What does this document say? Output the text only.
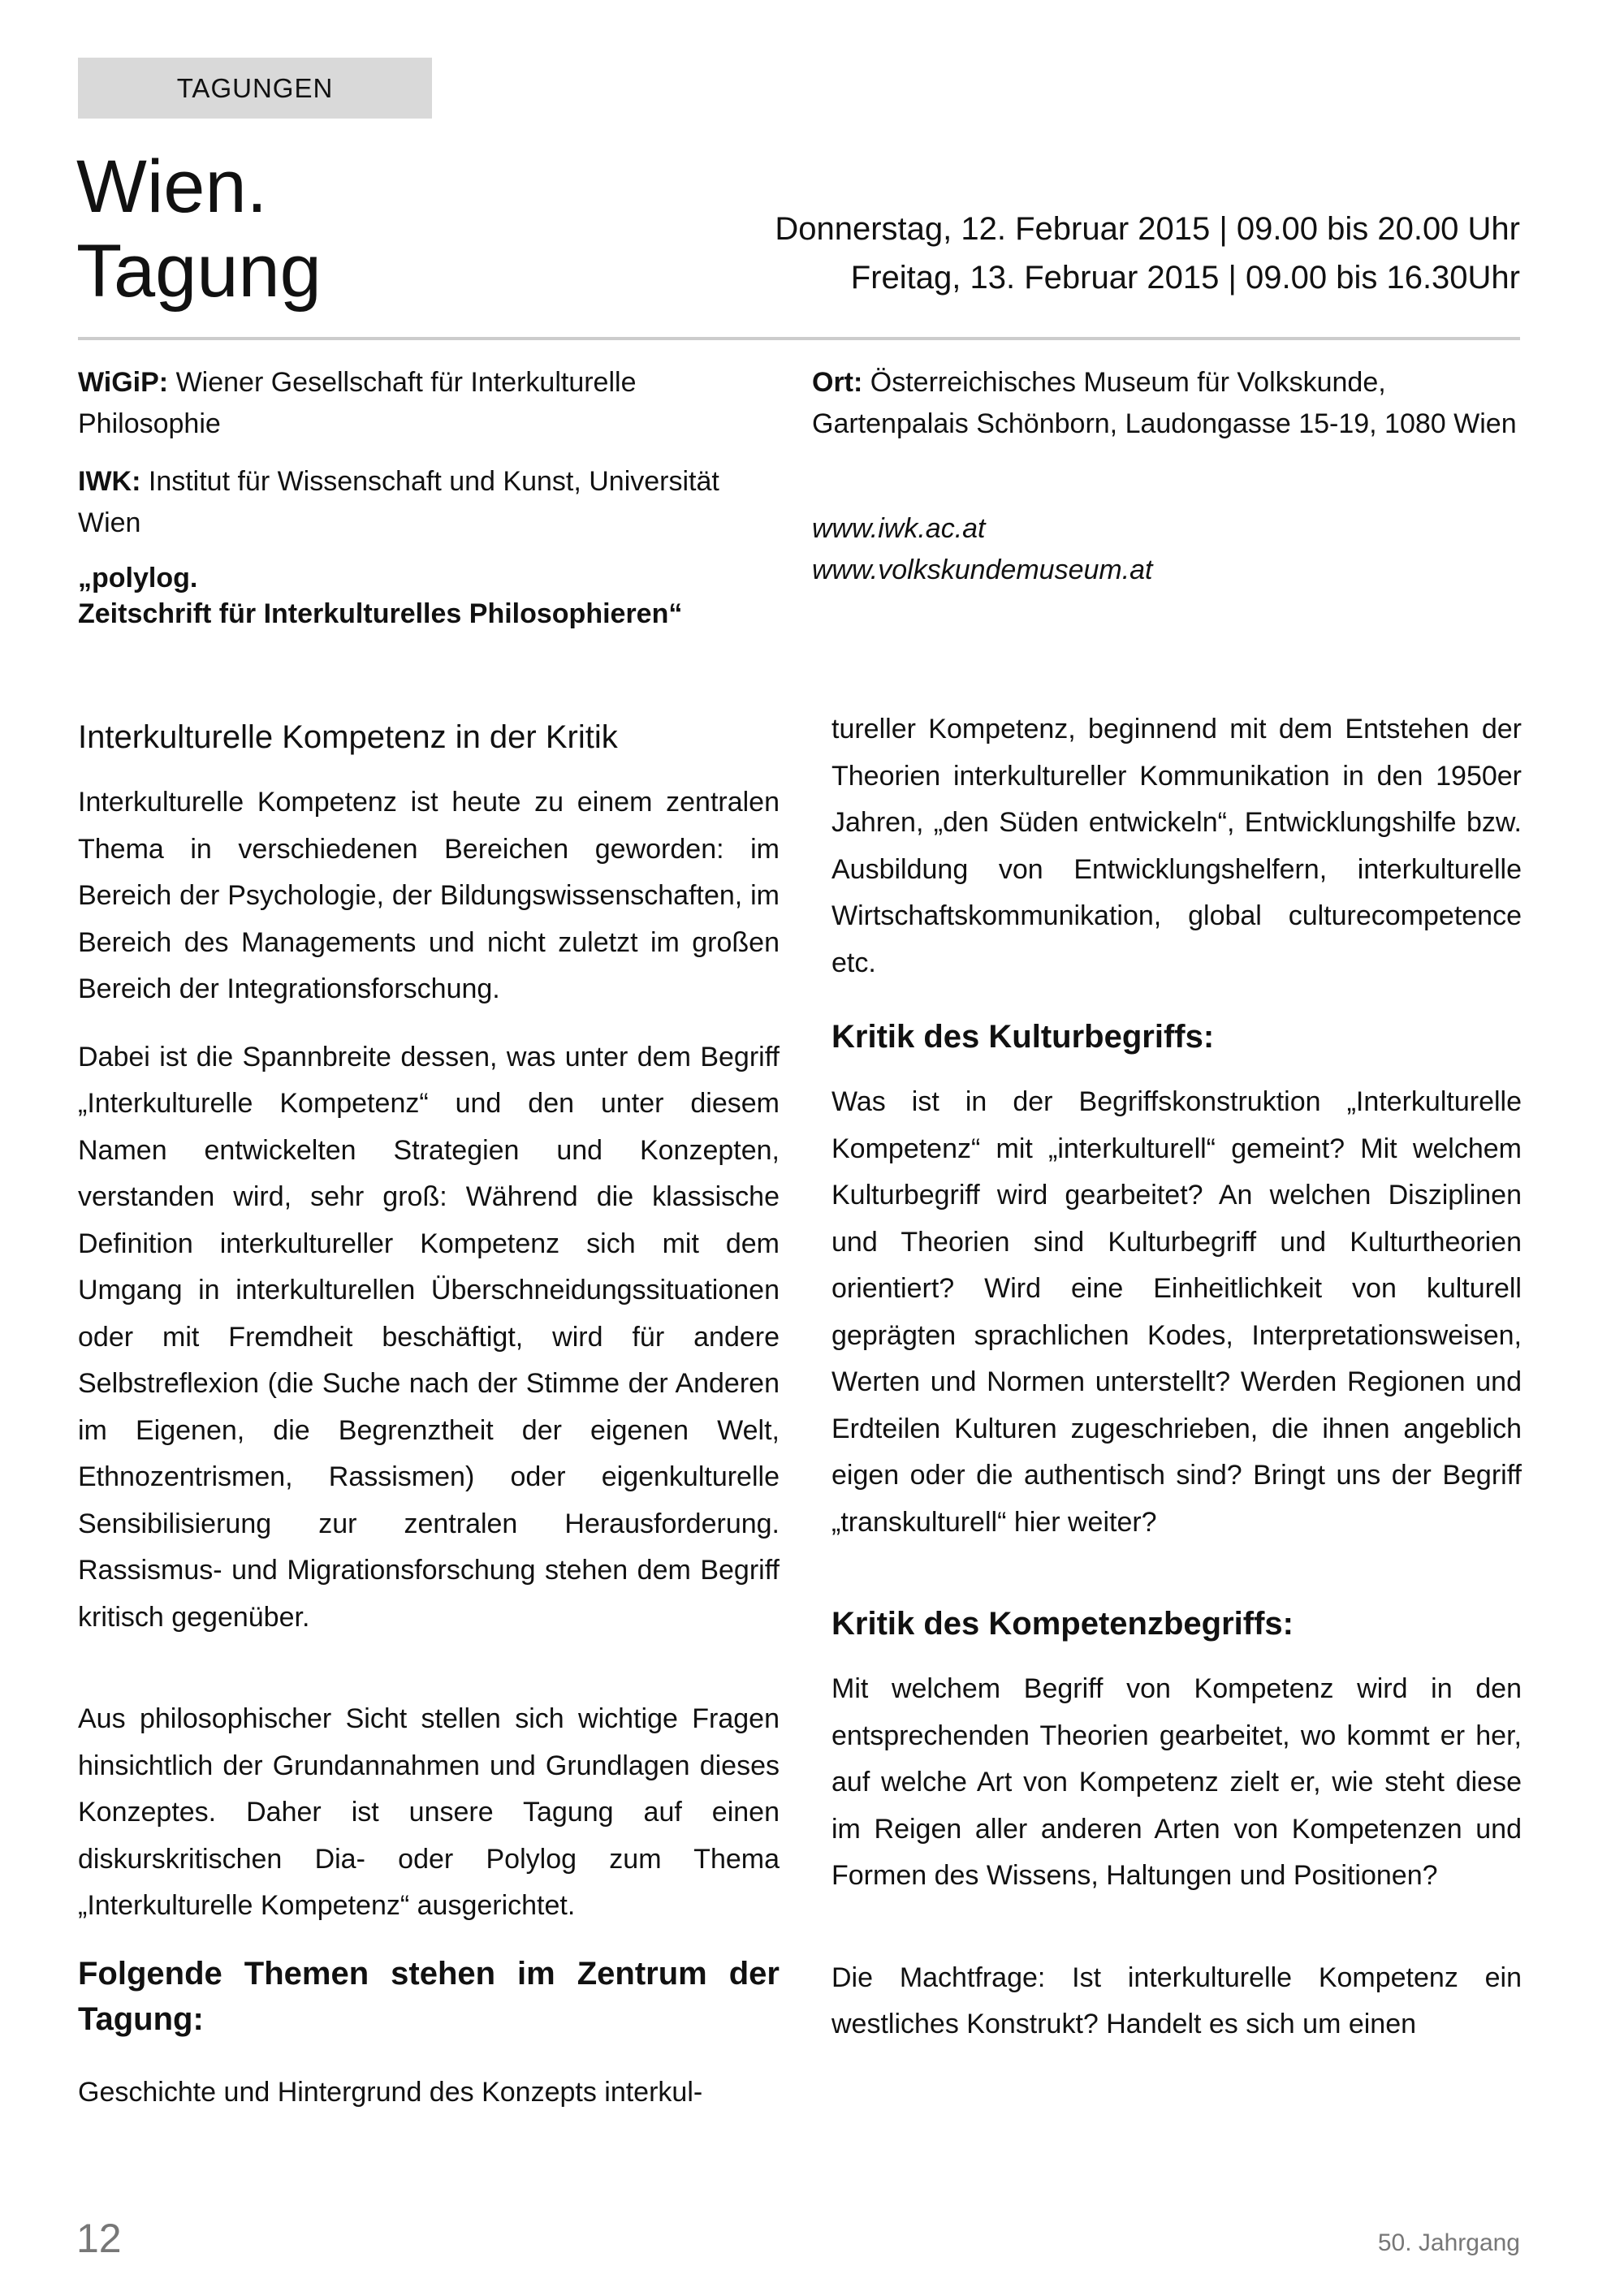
TAGUNGEN
Wien.
Tagung
Donnerstag, 12. Februar 2015 | 09.00 bis 20.00 Uhr
Freitag, 13. Februar 2015 | 09.00 bis 16.30Uhr
WiGiP: Wiener Gesellschaft für Interkulturelle Philosophie
IWK: Institut für Wissenschaft und Kunst, Universität Wien
„polylog.
Zeitschrift für Interkulturelles Philosophieren“
Ort: Österreichisches Museum für Volkskunde, Gartenpalais Schönborn, Laudongasse 15-19, 1080 Wien
www.iwk.ac.at
www.volkskundemuseum.at
Interkulturelle Kompetenz in der Kritik

Interkulturelle Kompetenz ist heute zu einem zentralen Thema in verschiedenen Bereichen geworden: im Bereich der Psychologie, der Bildungswissenschaften, im Bereich des Managements und nicht zuletzt im großen Bereich der Integrationsforschung.

Dabei ist die Spannbreite dessen, was unter dem Begriff „Interkulturelle Kompetenz“ und den unter diesem Namen entwickelten Strategien und Konzepten, verstanden wird, sehr groß: Während die klassische Definition interkultureller Kompetenz sich mit dem Umgang in interkulturellen Überschneidungssituationen oder mit Fremdheit beschäftigt, wird für andere Selbstreflexion (die Suche nach der Stimme der Anderen im Eigenen, die Begrenztheit der eigenen Welt, Ethnozentrismen, Rassismen) oder eigenkulturelle Sensibilisierung zur zentralen Herausforderung. Rassismus- und Migrationsforschung stehen dem Begriff kritisch gegenüber.

Aus philosophischer Sicht stellen sich wichtige Fragen hinsichtlich der Grundannahmen und Grundlagen dieses Konzeptes. Daher ist unsere Tagung auf einen diskurskritischen Dia- oder Polylog zum Thema „Interkulturelle Kompetenz“ ausgerichtet.

Folgende Themen stehen im Zentrum der Tagung:

Geschichte und Hintergrund des Konzepts interkul-

tureller Kompetenz, beginnend mit dem Entstehen der Theorien interkultureller Kommunikation in den 1950er Jahren, „den Süden entwickeln“, Entwicklungshilfe bzw. Ausbildung von Entwicklungshelfern, interkulturelle Wirtschaftskommunikation, global culturecompetence etc.

Kritik des Kulturbegriffs:

Was ist in der Begriffskonstruktion „Interkulturelle Kompetenz“ mit „interkulturell“ gemeint? Mit welchem Kulturbegriff wird gearbeitet? An welchen Disziplinen und Theorien sind Kulturbegriff und Kulturtheorien orientiert? Wird eine Einheitlichkeit von kulturell geprägten sprachlichen Kodes, Interpretationsweisen, Werten und Normen unterstellt? Werden Regionen und Erdteilen Kulturen zugeschrieben, die ihnen angeblich eigen oder die authentisch sind? Bringt uns der Begriff „transkulturell“ hier weiter?

Kritik des Kompetenzbegriffs:

Mit welchem Begriff von Kompetenz wird in den entsprechenden Theorien gearbeitet, wo kommt er her, auf welche Art von Kompetenz zielt er, wie steht diese im Reigen aller anderen Arten von Kompetenzen und Formen des Wissens, Haltungen und Positionen?

Die Machtfrage: Ist interkulturelle Kompetenz ein westliches Konstrukt? Handelt es sich um einen

12	50. Jahrgang
